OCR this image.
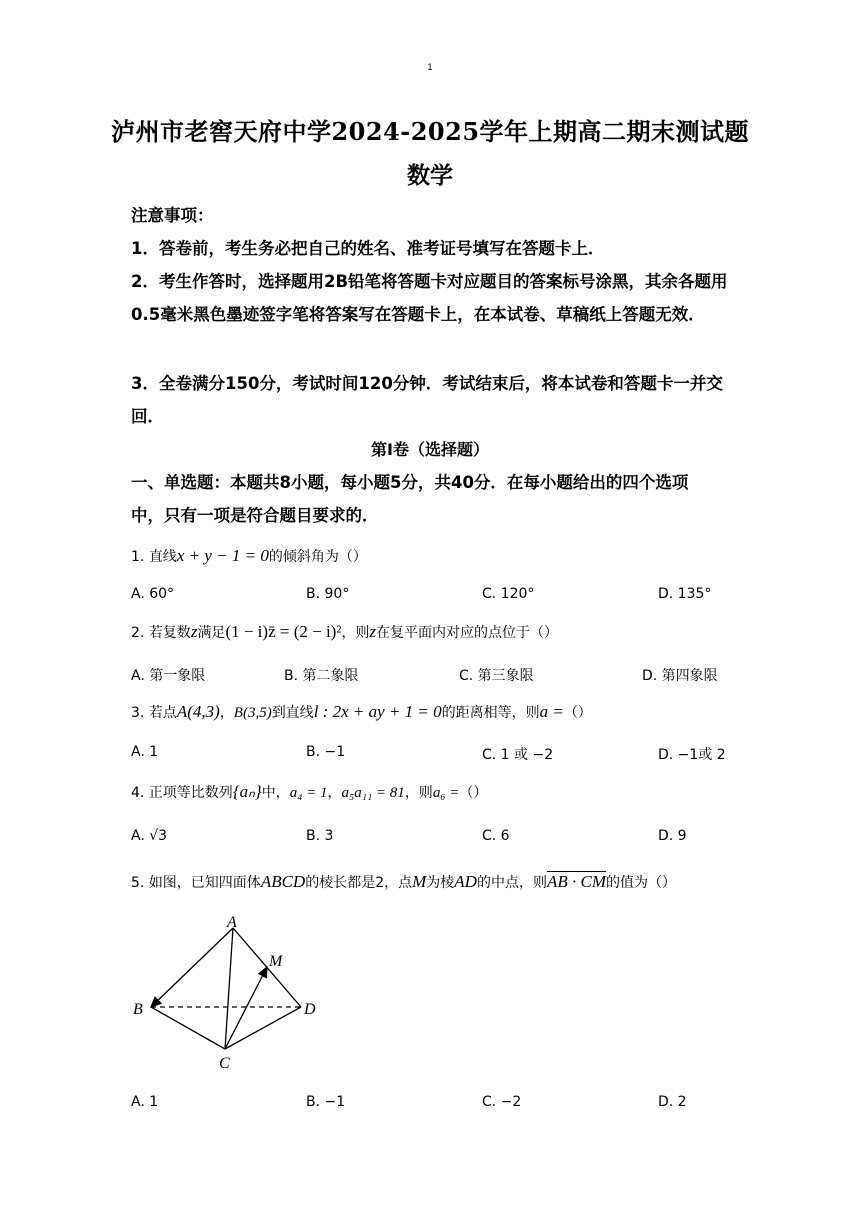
1
泸州市老窖天府中学2024-2025学年上期高二期末测试题
数学
注意事项：
1．答卷前，考生务必把自己的姓名、准考证号填写在答题卡上．
2．考生作答时，选择题用2B铅笔将答题卡对应题目的答案标号涂黑，其余各题用0.5毫米黑色墨迹签字笔将答案写在答题卡上，在本试卷、草稿纸上答题无效．
3．全卷满分150分，考试时间120分钟．考试结束后，将本试卷和答题卡一并交回．
第Ⅰ卷（选择题）
一、单选题：本题共8小题，每小题5分，共40分．在每小题给出的四个选项
中，只有一项是符合题目要求的．
1. 直线x + y − 1 = 0的倾斜角为（）
A. 60°	B. 90°	C. 120°	D. 135°
2. 若复数z满足(1 − i)z̄ = (2 − i)²，则z在复平面内对应的点位于（）
A. 第一象限	B. 第二象限	C. 第三象限	D. 第四象限
3. 若点A(4,3)，B(3,5)到直线l : 2x + ay + 1 = 0的距离相等，则a =（）
A. 1	B. −1	C. 1 或 −2	D. −1或 2
4. 正项等比数列{aₙ}中，a₄ = 1，a₅a₁₁ = 81，则a₆ =（）
A. √3	B. 3	C. 6	D. 9
5. 如图，已知四面体ABCD的棱长都是2，点M为棱AD的中点，则AB · CM的值为（）
A
M
B	D
C
A. 1	B. −1	C. −2	D. 2
